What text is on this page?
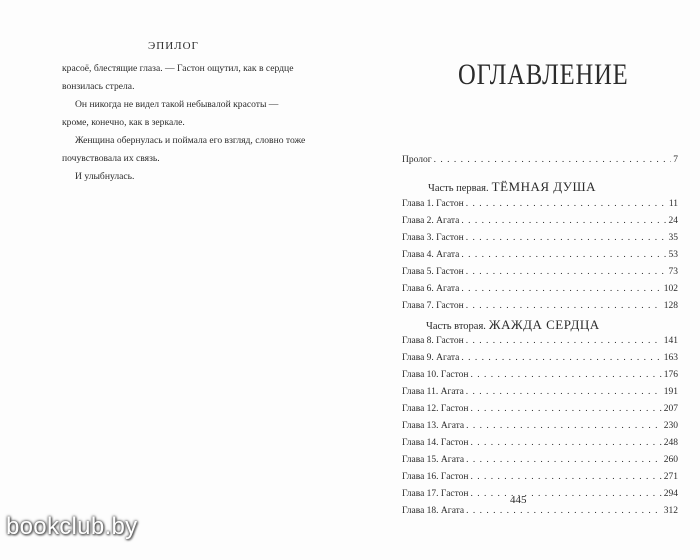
ЭПИЛОГ

красоё, блестящие глаза. — Гастон ощутил, как в сердце вонзилась стрела.

Он никогда не видел такой небывалой красоты — кроме, конечно, как в зеркале.

Женщина обернулась и поймала его взгляд, словно тоже почувствовала их связь.

И улыбнулась.

ОГЛАВЛЕНИЕ
Пролог . . .	7
Часть первая. ТЁМНАЯ ДУША
Глава 1. Гастон . . .	11
Глава 2. Агата . . .	24
Глава 3. Гастон . . .	35
Глава 4. Агата . . .	53
Глава 5. Гастон . . .	73
Глава 6. Агата . . .	102
Глава 7. Гастон . . .	128
Часть вторая. ЖАЖДА СЕРДЦА
Глава 8. Гастон . . .	141
Глава 9. Агата . . .	163
Глава 10. Гастон . . .	176
Глава 11. Агата . . .	191
Глава 12. Гастон . . .	207
Глава 13. Агата . . .	230
Глава 14. Гастон . . .	248
Глава 15. Агата . . .	260
Глава 16. Гастон . . .	271
Глава 17. Гастон . . .	294
Глава 18. Агата . . .	312
445
bookclub.by
